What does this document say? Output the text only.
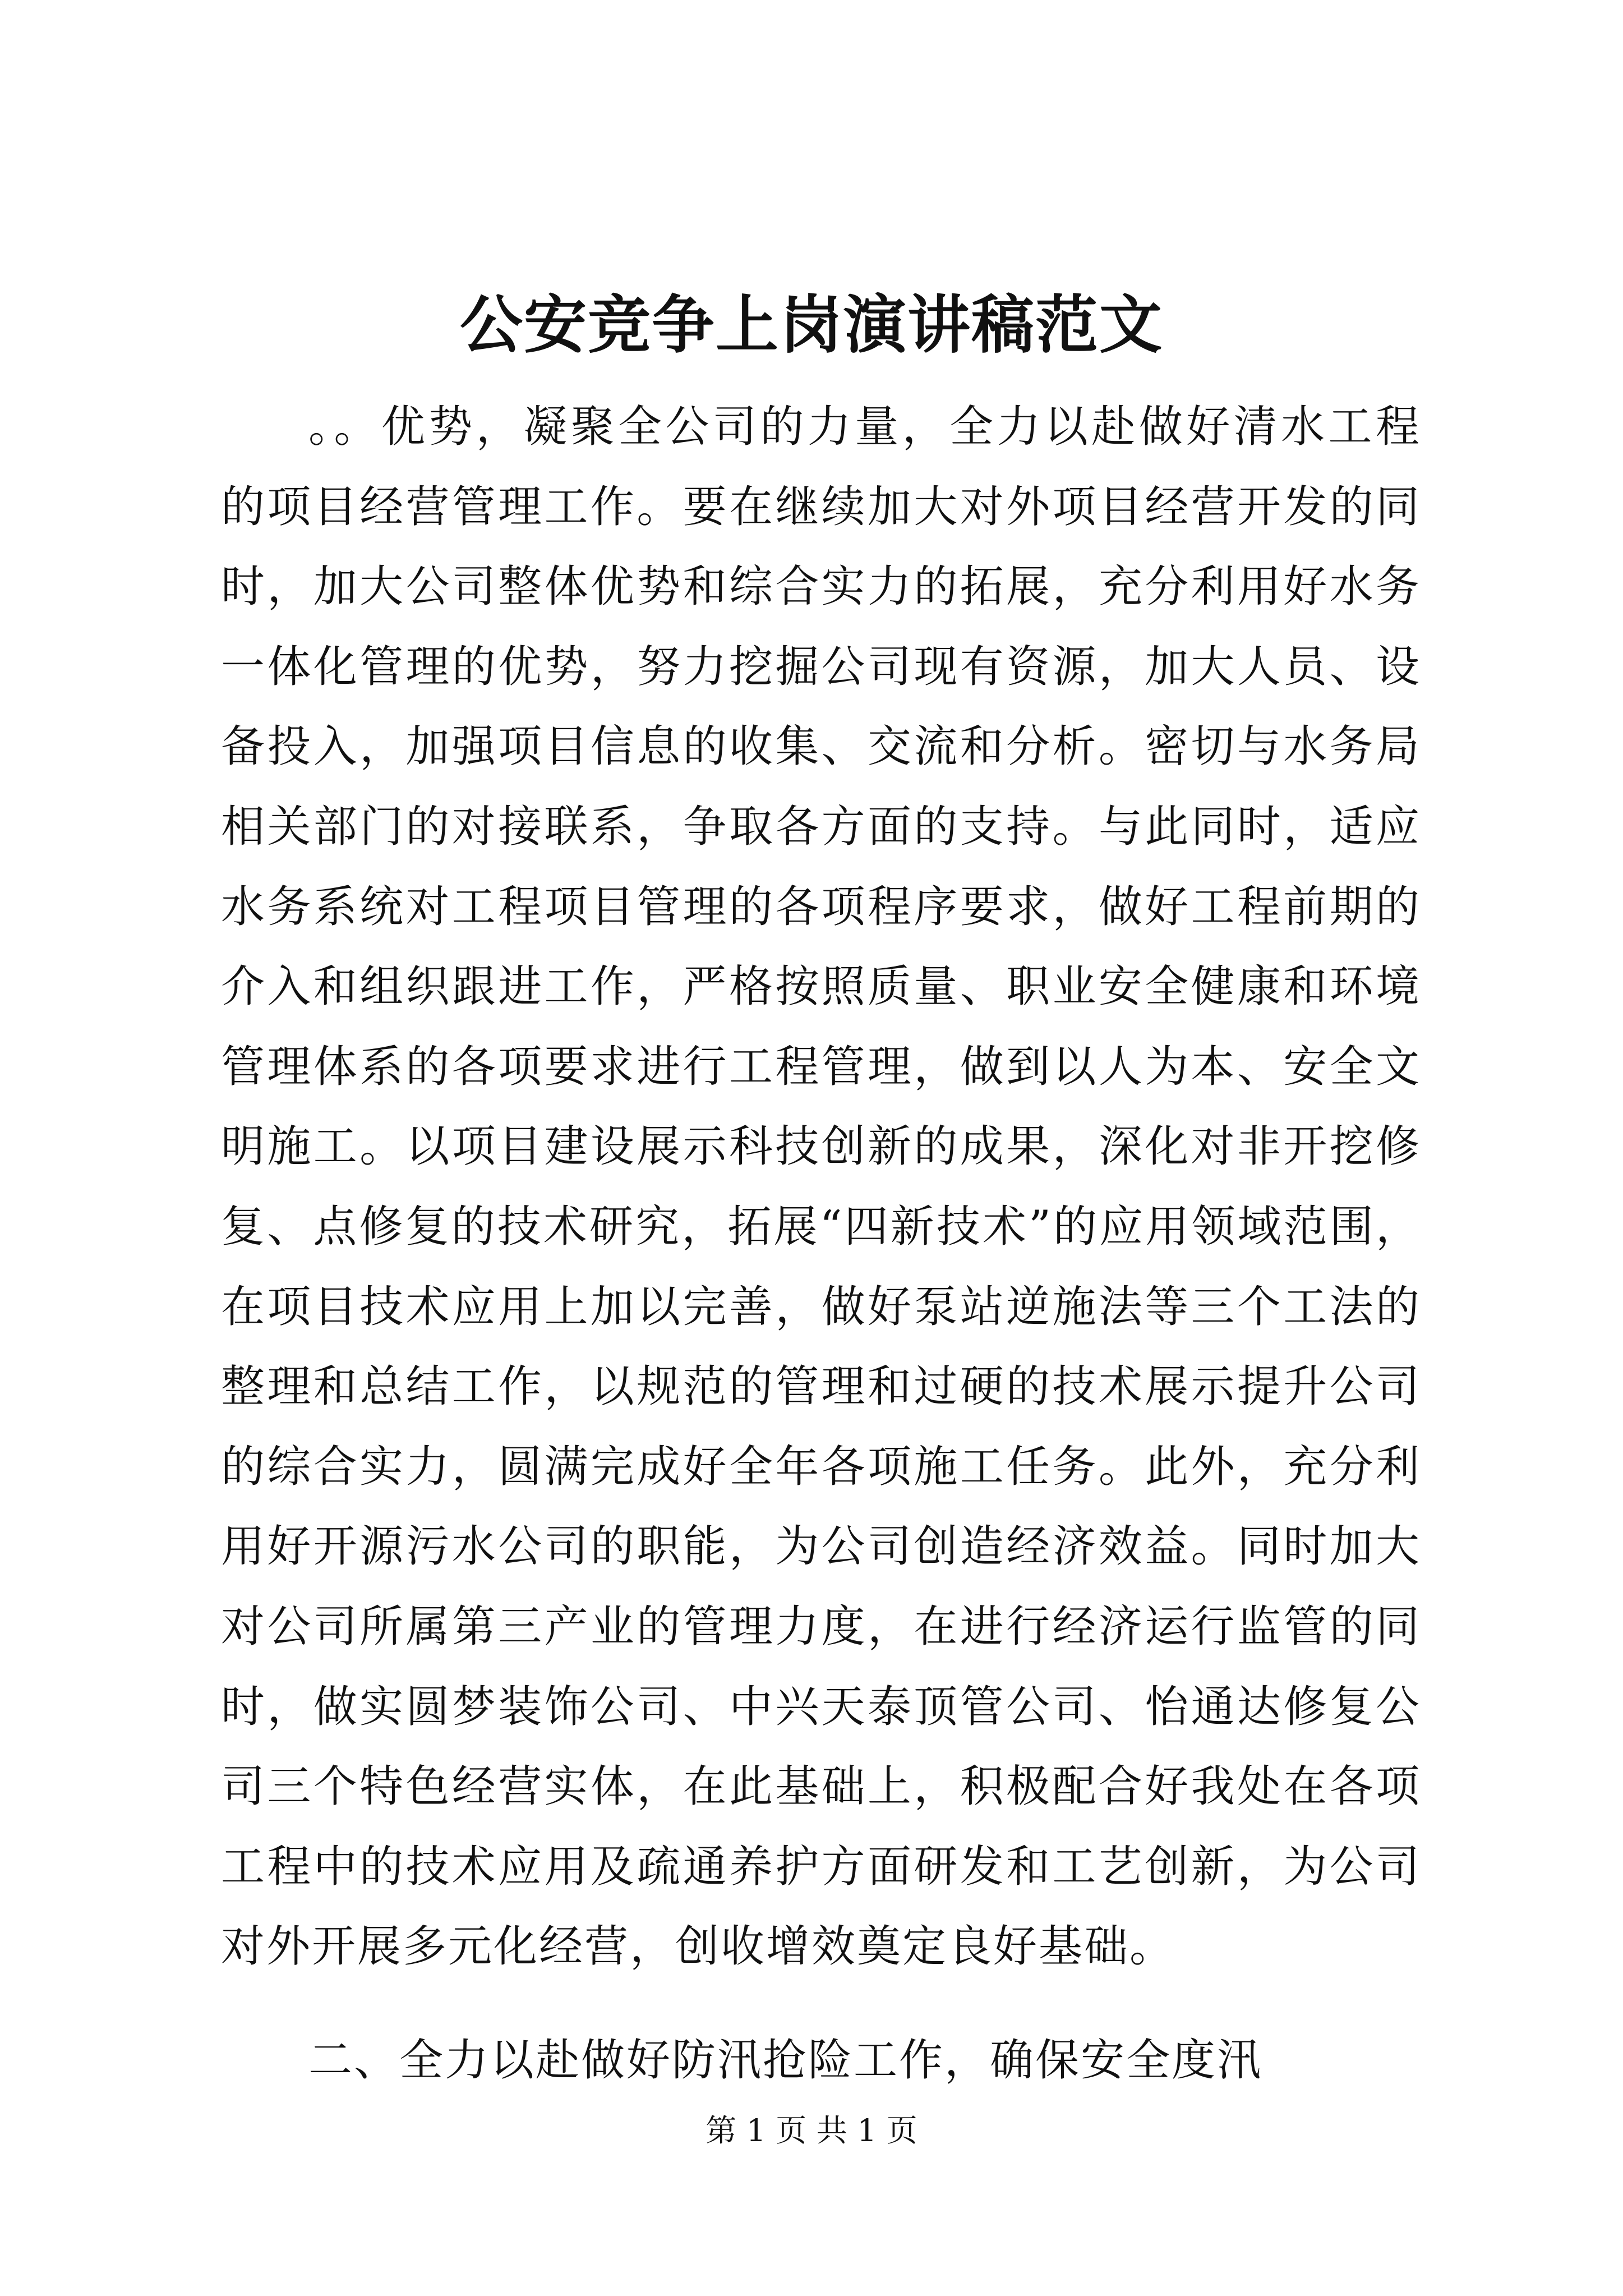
公安竞争上岗演讲稿范文

。。优势，凝聚全公司的力量，全力以赴做好清水工程的项目经营管理工作。要在继续加大对外项目经营开发的同时，加大公司整体优势和综合实力的拓展，充分利用好水务一体化管理的优势，努力挖掘公司现有资源，加大人员、设备投入，加强项目信息的收集、交流和分析。密切与水务局相关部门的对接联系，争取各方面的支持。与此同时，适应水务系统对工程项目管理的各项程序要求，做好工程前期的介入和组织跟进工作，严格按照质量、职业安全健康和环境管理体系的各项要求进行工程管理，做到以人为本、安全文明施工。以项目建设展示科技创新的成果，深化对非开挖修复、点修复的技术研究，拓展“四新技术”的应用领域范围，在项目技术应用上加以完善，做好泵站逆施法等三个工法的整理和总结工作，以规范的管理和过硬的技术展示提升公司的综合实力，圆满完成好全年各项施工任务。此外，充分利用好开源污水公司的职能，为公司创造经济效益。同时加大对公司所属第三产业的管理力度，在进行经济运行监管的同时，做实圆梦装饰公司、中兴天泰顶管公司、怡通达修复公司三个特色经营实体，在此基础上，积极配合好我处在各项工程中的技术应用及疏通养护方面研发和工艺创新，为公司对外开展多元化经营，创收增效奠定良好基础。

二、全力以赴做好防汛抢险工作，确保安全度汛

第 1 页 共 1 页
